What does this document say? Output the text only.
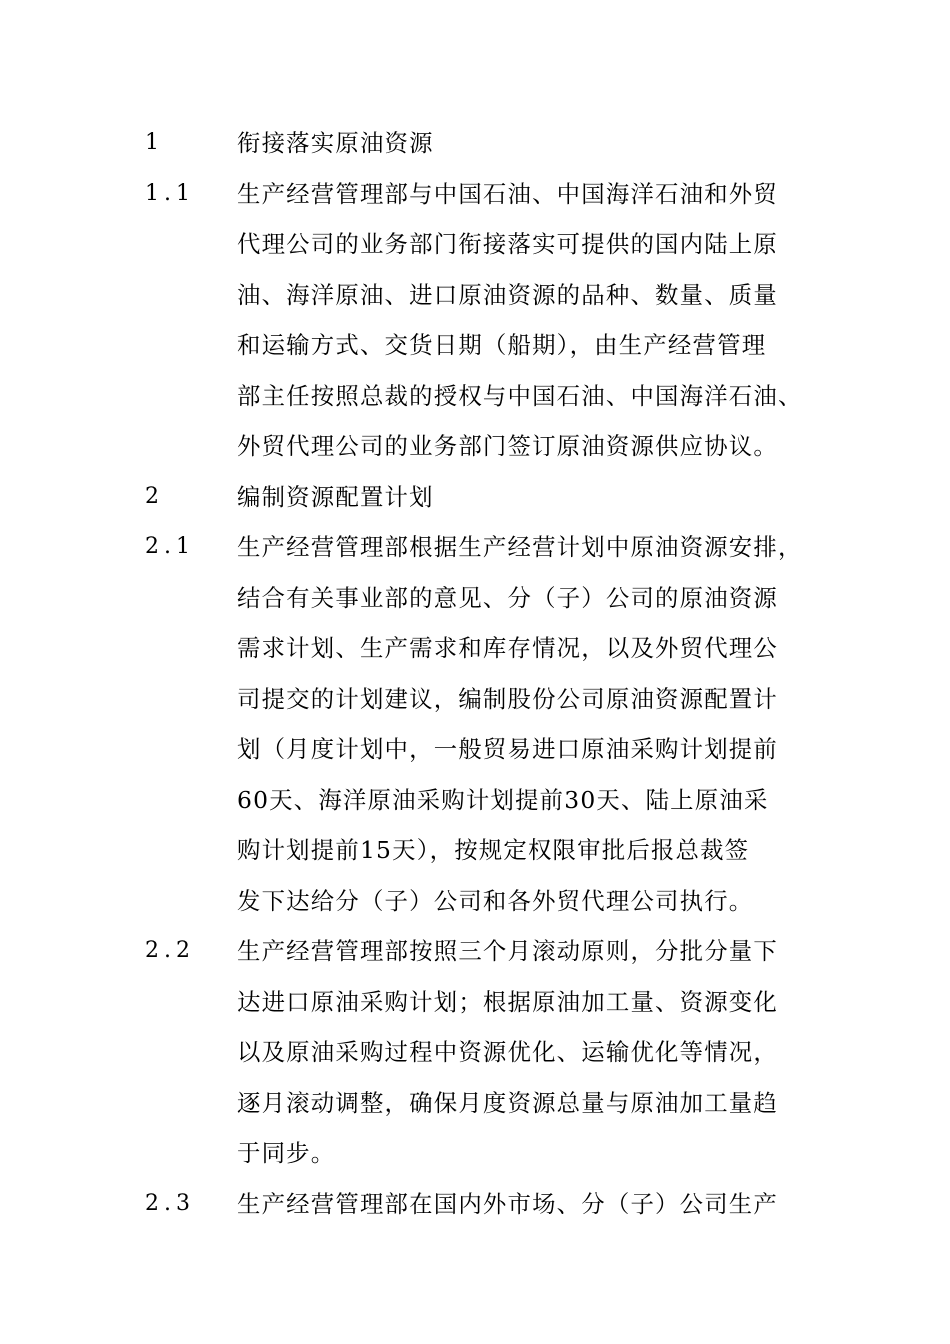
1	衔接落实原油资源
1.1 生产经营管理部与中国石油、中国海洋石油和外贸
代理公司的业务部门衔接落实可提供的国内陆上原
油、海洋原油、进口原油资源的品种、数量、质量
和运输方式、交货日期（船期），由生产经营管理
部主任按照总裁的授权与中国石油、中国海洋石油、
外贸代理公司的业务部门签订原油资源供应协议。
2	编制资源配置计划
2.1 生产经营管理部根据生产经营计划中原油资源安排，
结合有关事业部的意见、分（子）公司的原油资源
需求计划、生产需求和库存情况，以及外贸代理公
司提交的计划建议，编制股份公司原油资源配置计
划（月度计划中，一般贸易进口原油采购计划提前
60天、海洋原油采购计划提前30天、陆上原油采
购计划提前15天），按规定权限审批后报总裁签
发下达给分（子）公司和各外贸代理公司执行。
2.2 生产经营管理部按照三个月滚动原则，分批分量下
达进口原油采购计划；根据原油加工量、资源变化
以及原油采购过程中资源优化、运输优化等情况，
逐月滚动调整，确保月度资源总量与原油加工量趋
于同步。
2.3 生产经营管理部在国内外市场、分（子）公司生产
